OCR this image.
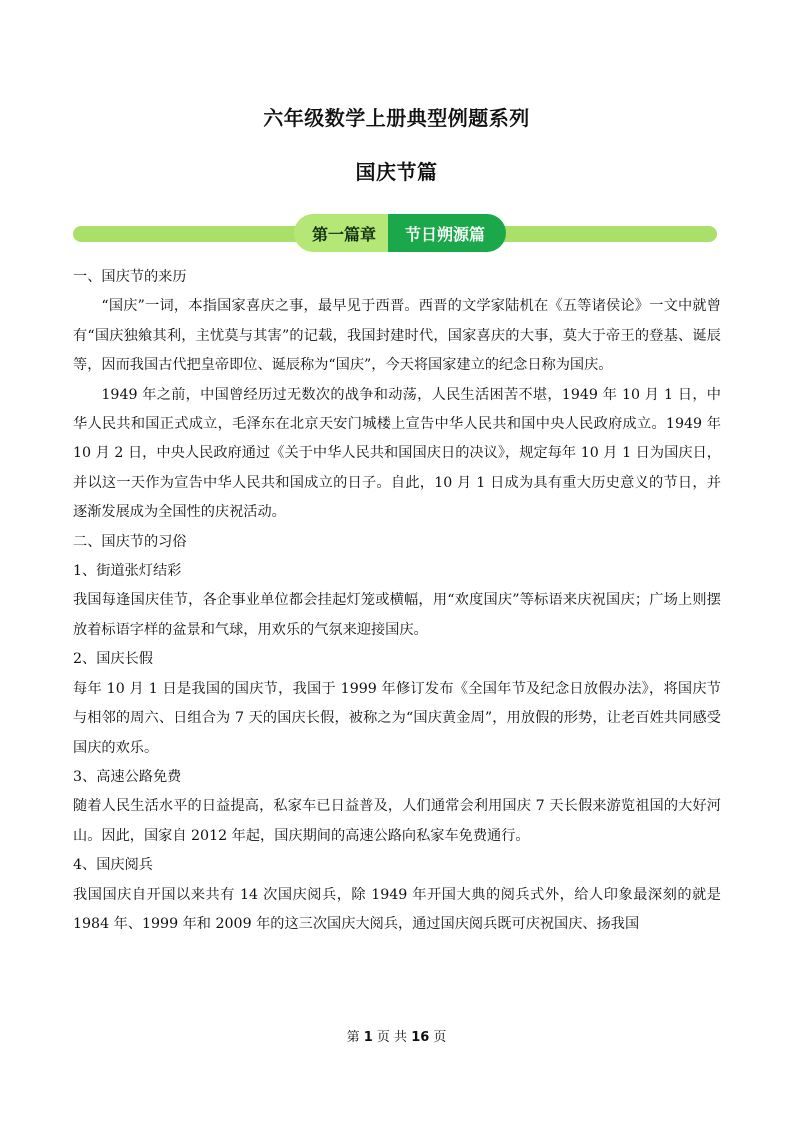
六年级数学上册典型例题系列
国庆节篇
第一篇章	节日朔源篇

一、国庆节的来历

“国庆”一词，本指国家喜庆之事，最早见于西晋。西晋的文学家陆机在《五等诸侯论》一文中就曾有“国庆独飨其利，主忧莫与其害”的记载，我国封建时代，国家喜庆的大事，莫大于帝王的登基、诞辰等，因而我国古代把皇帝即位、诞辰称为“国庆”，今天将国家建立的纪念日称为国庆。

1949 年之前，中国曾经历过无数次的战争和动荡，人民生活困苦不堪，1949 年 10 月 1 日，中华人民共和国正式成立，毛泽东在北京天安门城楼上宣告中华人民共和国中央人民政府成立。1949 年 10 月 2 日，中央人民政府通过《关于中华人民共和国国庆日的决议》，规定每年 10 月 1 日为国庆日，并以这一天作为宣告中华人民共和国成立的日子。自此，10 月 1 日成为具有重大历史意义的节日，并逐渐发展成为全国性的庆祝活动。

二、国庆节的习俗

1、街道张灯结彩

我国每逢国庆佳节，各企事业单位都会挂起灯笼或横幅，用“欢度国庆”等标语来庆祝国庆；广场上则摆放着标语字样的盆景和气球，用欢乐的气氛来迎接国庆。

2、国庆长假

每年 10 月 1 日是我国的国庆节，我国于 1999 年修订发布《全国年节及纪念日放假办法》，将国庆节与相邻的周六、日组合为 7 天的国庆长假，被称之为“国庆黄金周”，用放假的形势，让老百姓共同感受国庆的欢乐。

3、高速公路免费

随着人民生活水平的日益提高，私家车已日益普及，人们通常会利用国庆 7 天长假来游览祖国的大好河山。因此，国家自 2012 年起，国庆期间的高速公路向私家车免费通行。

4、国庆阅兵

我国国庆自开国以来共有 14 次国庆阅兵，除 1949 年开国大典的阅兵式外，给人印象最深刻的就是 1984 年、1999 年和 2009 年的这三次国庆大阅兵，通过国庆阅兵既可庆祝国庆、扬我国

第 1 页 共 16 页
